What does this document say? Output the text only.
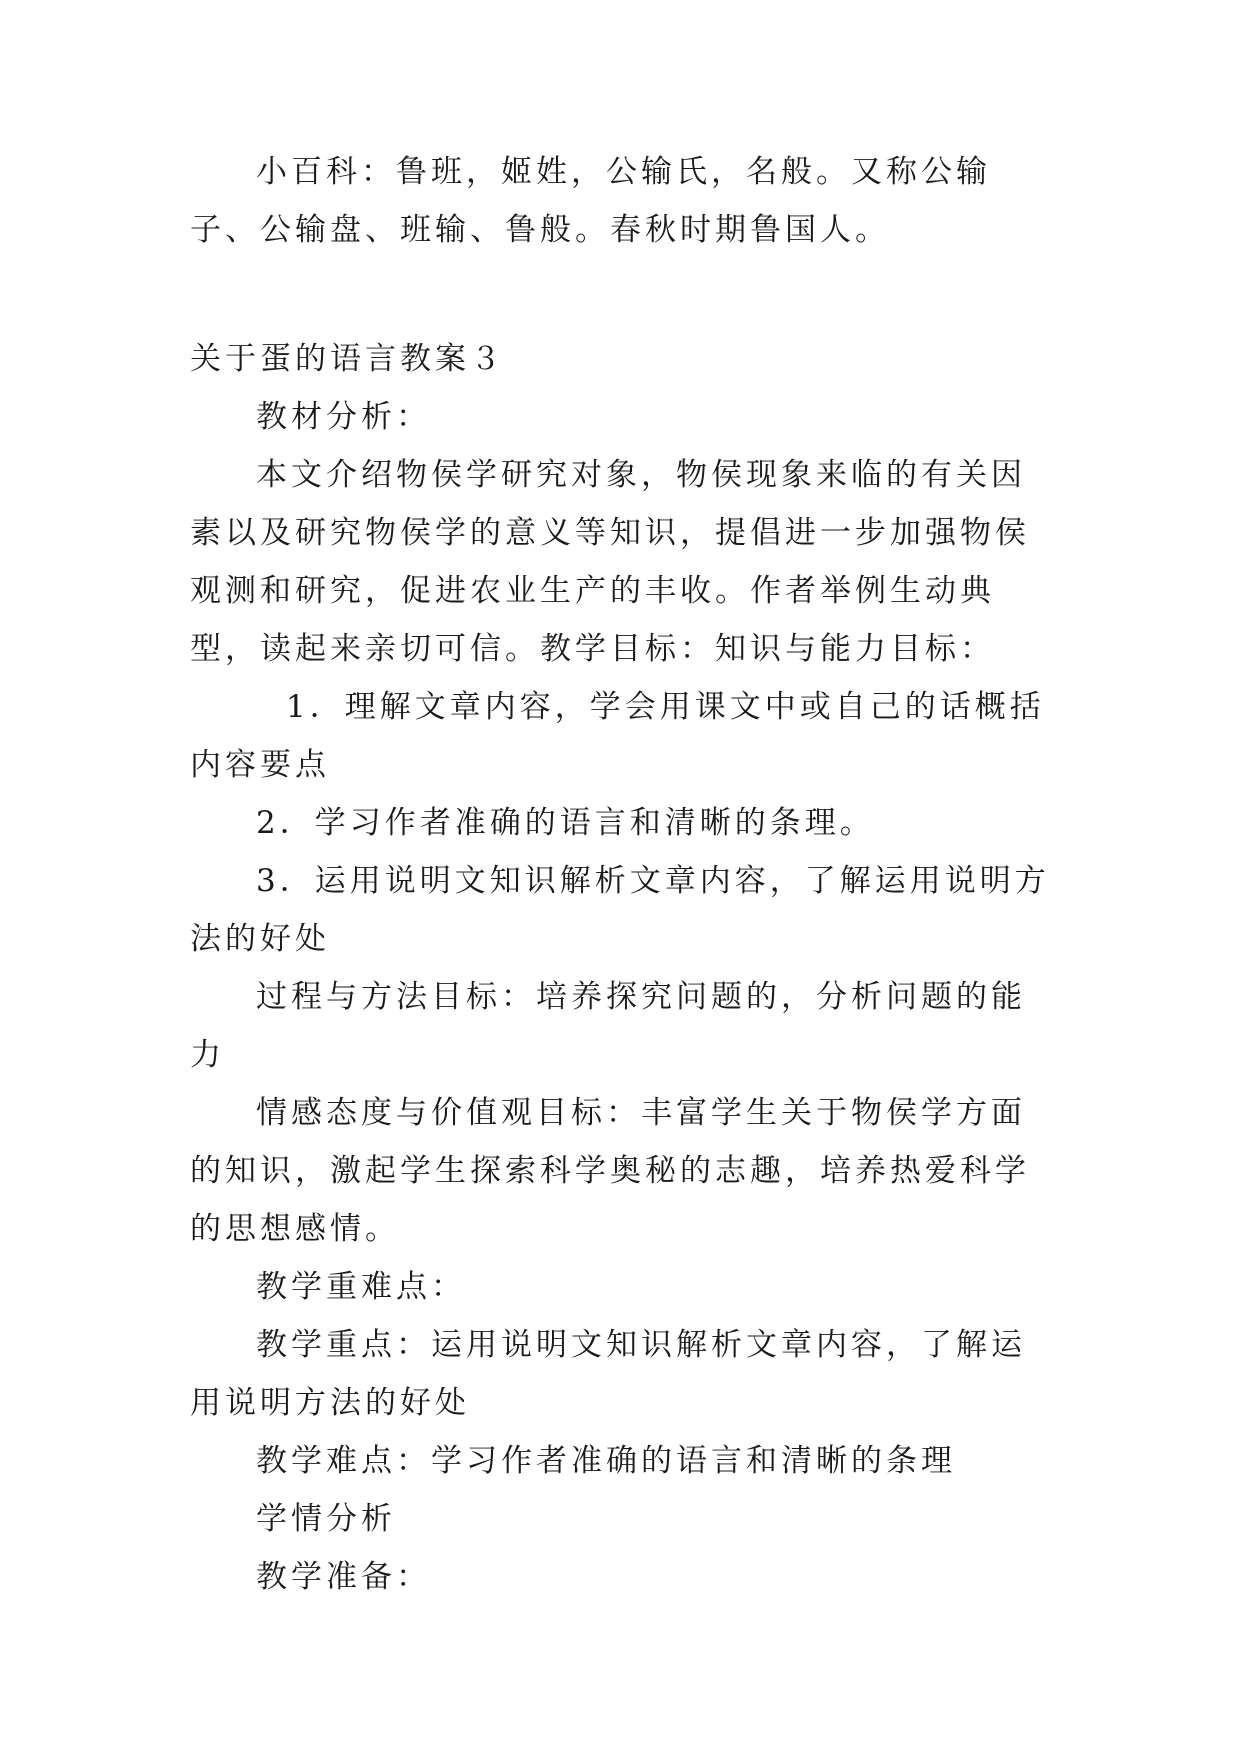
小百科：鲁班，姬姓，公输氏，名般。又称公输子、公输盘、班输、鲁般。春秋时期鲁国人。

关于蛋的语言教案３

教材分析：

本文介绍物侯学研究对象，物侯现象来临的有关因素以及研究物侯学的意义等知识，提倡进一步加强物侯观测和研究，促进农业生产的丰收。作者举例生动典型，读起来亲切可信。教学目标：知识与能力目标：

1．理解文章内容，学会用课文中或自己的话概括内容要点

2．学习作者准确的语言和清晰的条理。

3．运用说明文知识解析文章内容，了解运用说明方法的好处

过程与方法目标：培养探究问题的，分析问题的能力

情感态度与价值观目标：丰富学生关于物侯学方面的知识，激起学生探索科学奥秘的志趣，培养热爱科学的思想感情。

教学重难点：

教学重点：运用说明文知识解析文章内容，了解运用说明方法的好处

教学难点：学习作者准确的语言和清晰的条理

学情分析

教学准备：
